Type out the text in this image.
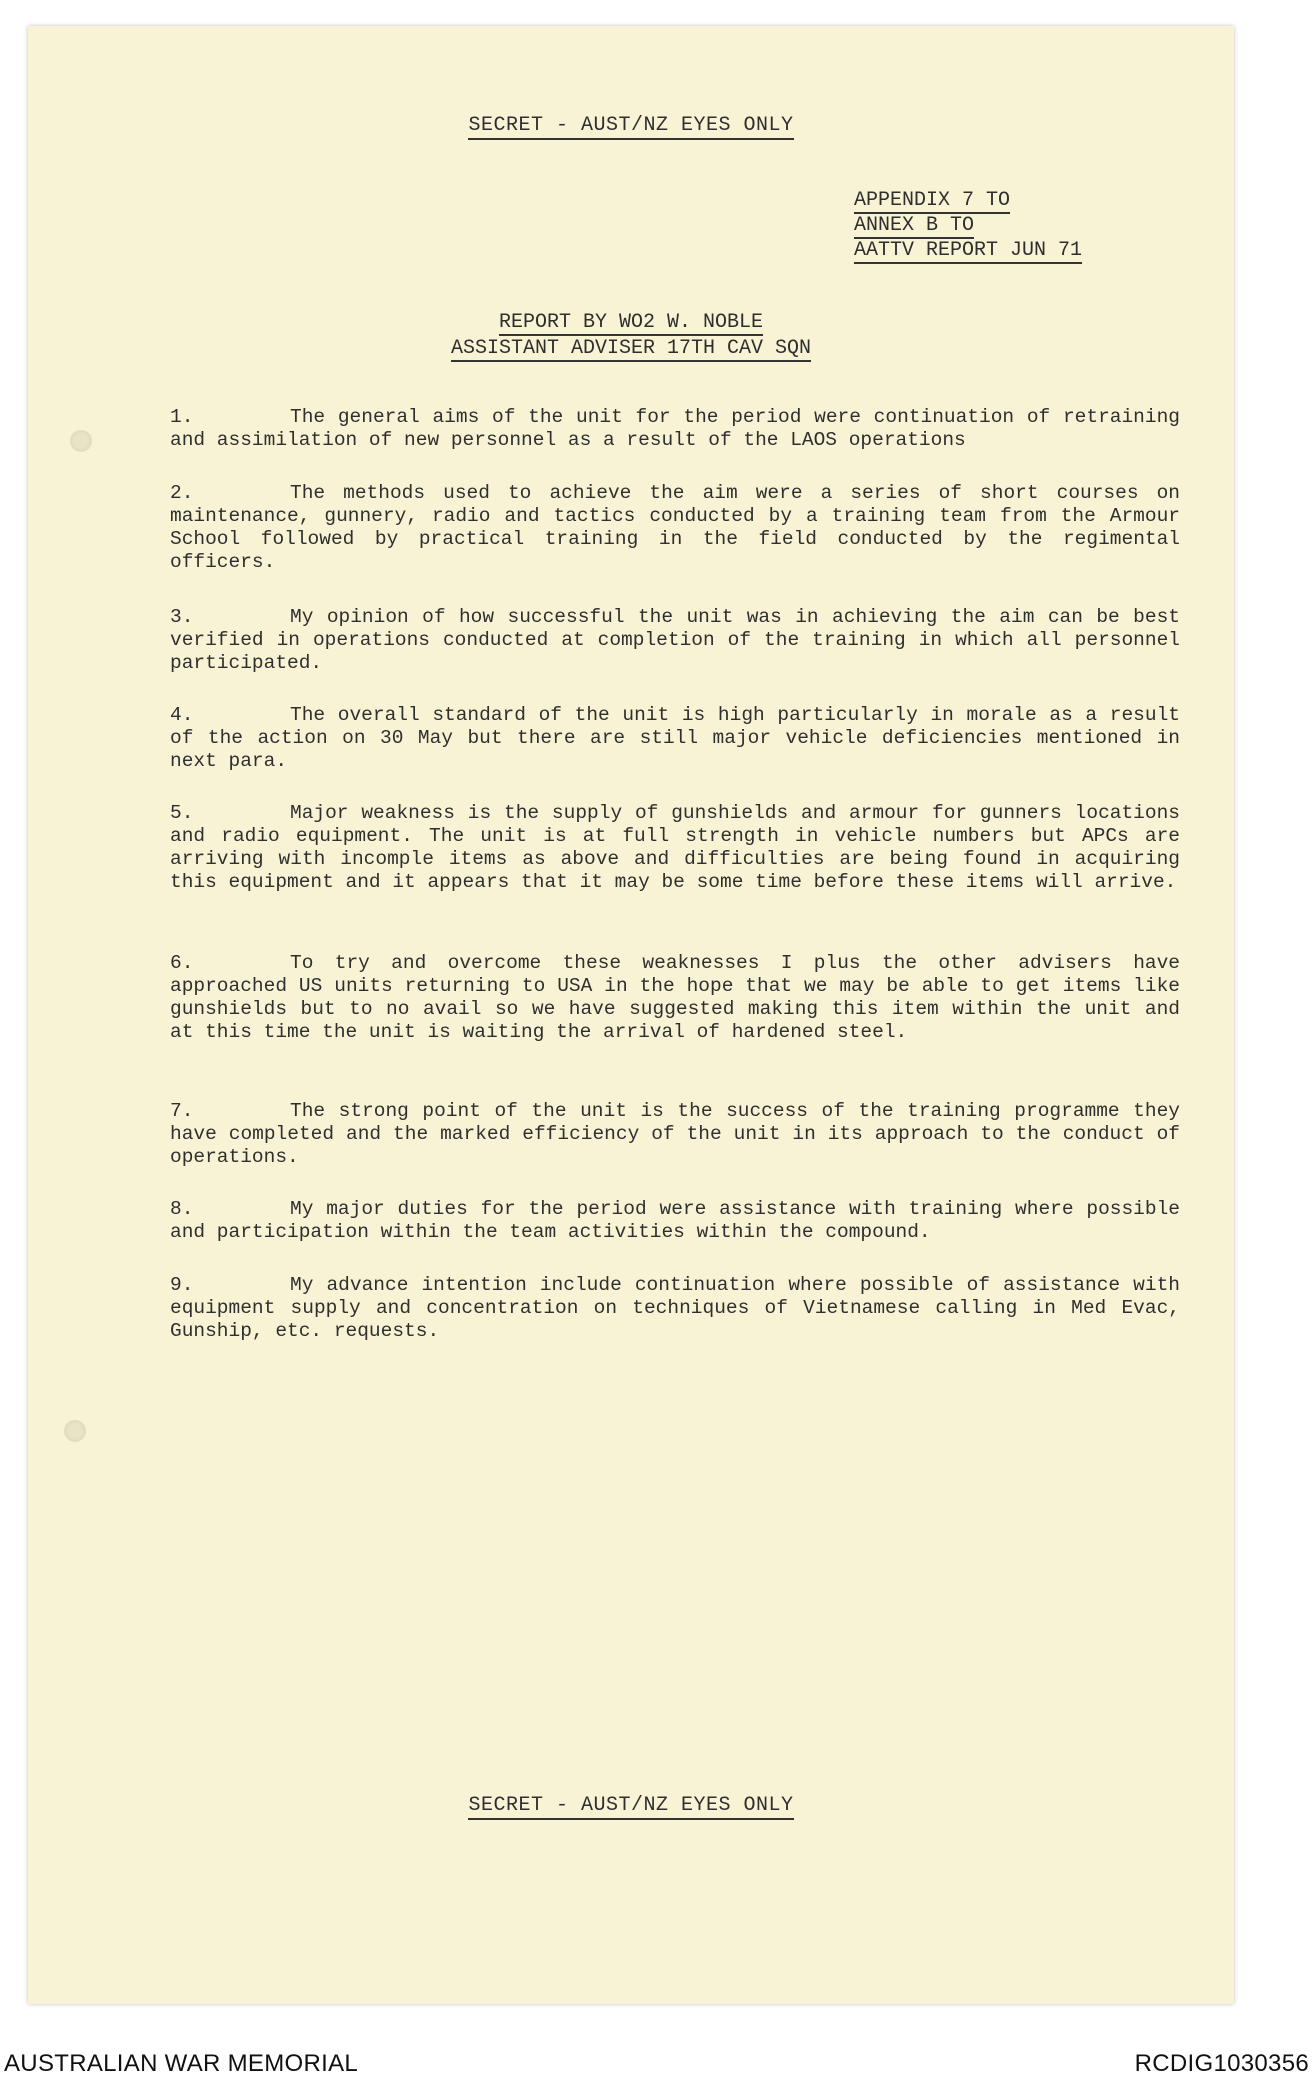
SECRET - AUST/NZ EYES ONLY
APPENDIX 7 TO
ANNEX B TO
AATTV REPORT JUN 71
REPORT BY WO2 W. NOBLE
ASSISTANT ADVISER 17TH CAV SQN

1.	The general aims of the unit for the period were continuation of retraining and assimilation of new personnel as a result of the LAOS operations

2.	The methods used to achieve the aim were a series of short courses on maintenance, gunnery, radio and tactics conducted by a training team from the Armour School followed by practical training in the field conducted by the regimental officers.

3.	My opinion of how successful the unit was in achieving the aim can be best verified in operations conducted at completion of the training in which all personnel participated.

4.	The overall standard of the unit is high particularly in morale as a result of the action on 30 May but there are still major vehicle deficiencies mentioned in next para.

5.	Major weakness is the supply of gunshields and armour for gunners locations and radio equipment. The unit is at full strength in vehicle numbers but APCs are arriving with incomple items as above and difficulties are being found in acquiring this equipment and it appears that it may be some time before these items will arrive.

6.	To try and overcome these weaknesses I plus the other advisers have approached US units returning to USA in the hope that we may be able to get items like gunshields but to no avail so we have suggested making this item within the unit and at this time the unit is waiting the arrival of hardened steel.

7.	The strong point of the unit is the success of the training programme they have completed and the marked efficiency of the unit in its approach to the conduct of operations.

8.	My major duties for the period were assistance with training where possible and participation within the team activities within the compound.

9.	My advance intention include continuation where possible of assistance with equipment supply and concentration on techniques of Vietnamese calling in Med Evac, Gunship, etc. requests.

SECRET - AUST/NZ EYES ONLY
AUSTRALIAN WAR MEMORIAL	RCDIG1030356
